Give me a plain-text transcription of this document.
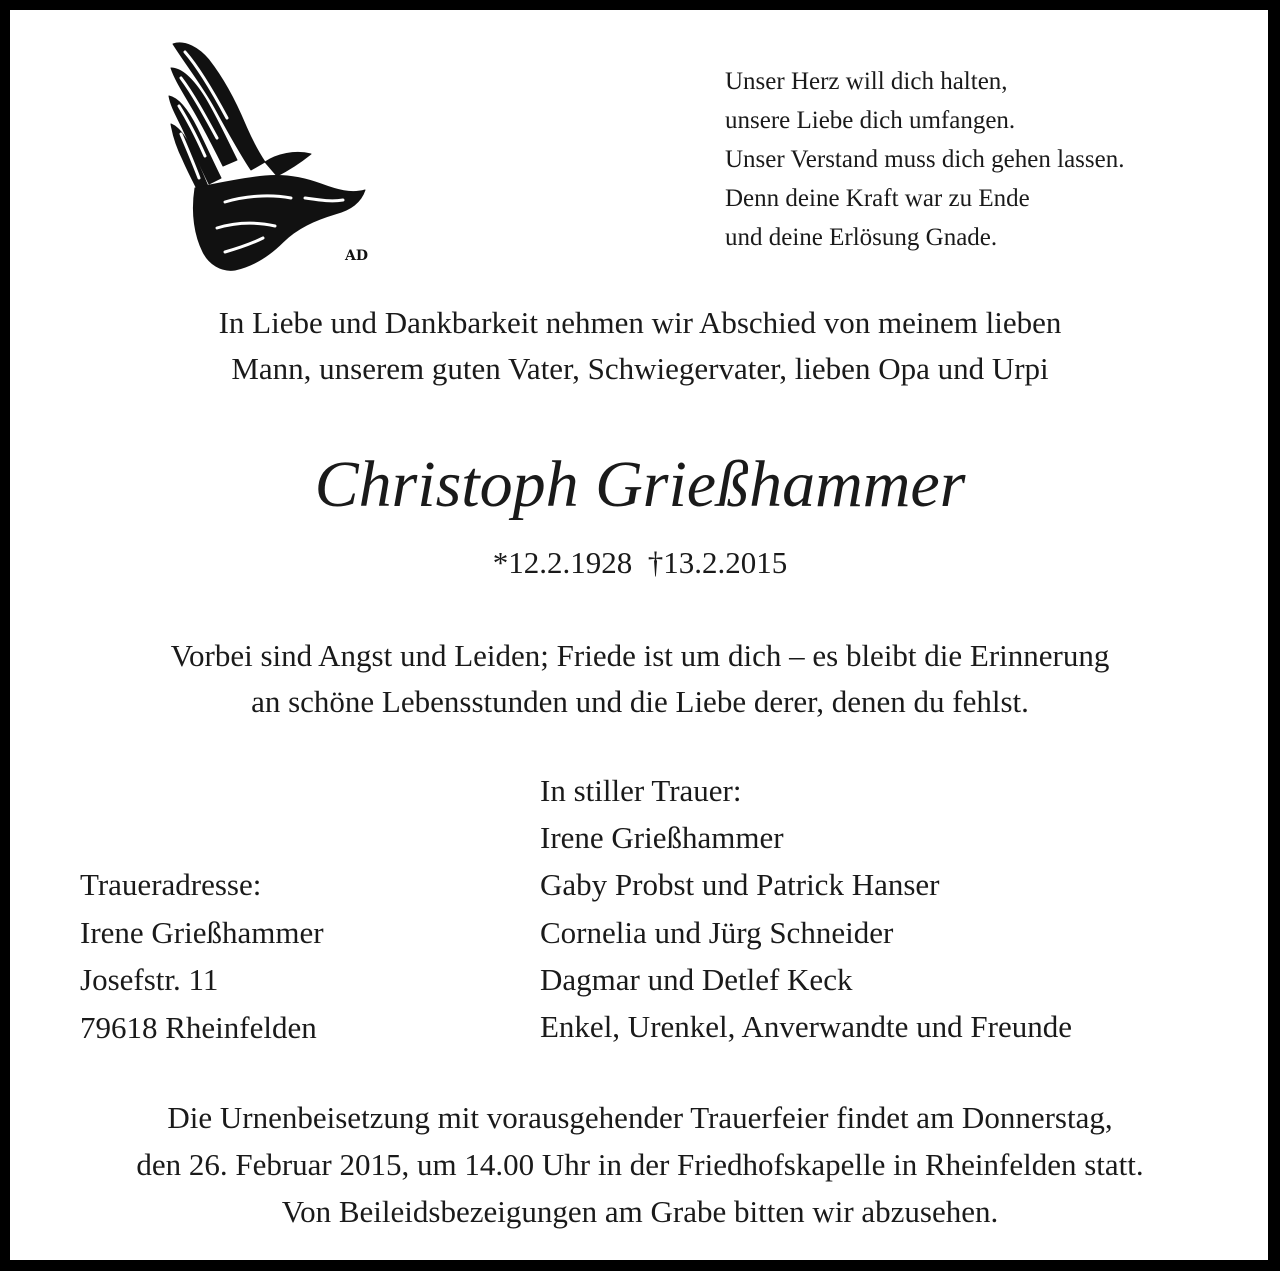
AD
Unser Herz will dich halten,
unsere Liebe dich umfangen.
Unser Verstand muss dich gehen lassen.
Denn deine Kraft war zu Ende
und deine Erlösung Gnade.
In Liebe und Dankbarkeit nehmen wir Abschied von meinem lieben
Mann, unserem guten Vater, Schwiegervater, lieben Opa und Urpi
Christoph Grießhammer
*12.2.1928  †13.2.2015
Vorbei sind Angst und Leiden; Friede ist um dich – es bleibt die Erinnerung
an schöne Lebensstunden und die Liebe derer, denen du fehlst.
Traueradresse:
Irene Grießhammer
Josefstr. 11
79618 Rheinfelden
In stiller Trauer:
Irene Grießhammer
Gaby Probst und Patrick Hanser
Cornelia und Jürg Schneider
Dagmar und Detlef Keck
Enkel, Urenkel, Anverwandte und Freunde
Die Urnenbeisetzung mit vorausgehender Trauerfeier findet am Donnerstag,
den 26. Februar 2015, um 14.00 Uhr in der Friedhofskapelle in Rheinfelden statt.
Von Beileidsbezeigungen am Grabe bitten wir abzusehen.
